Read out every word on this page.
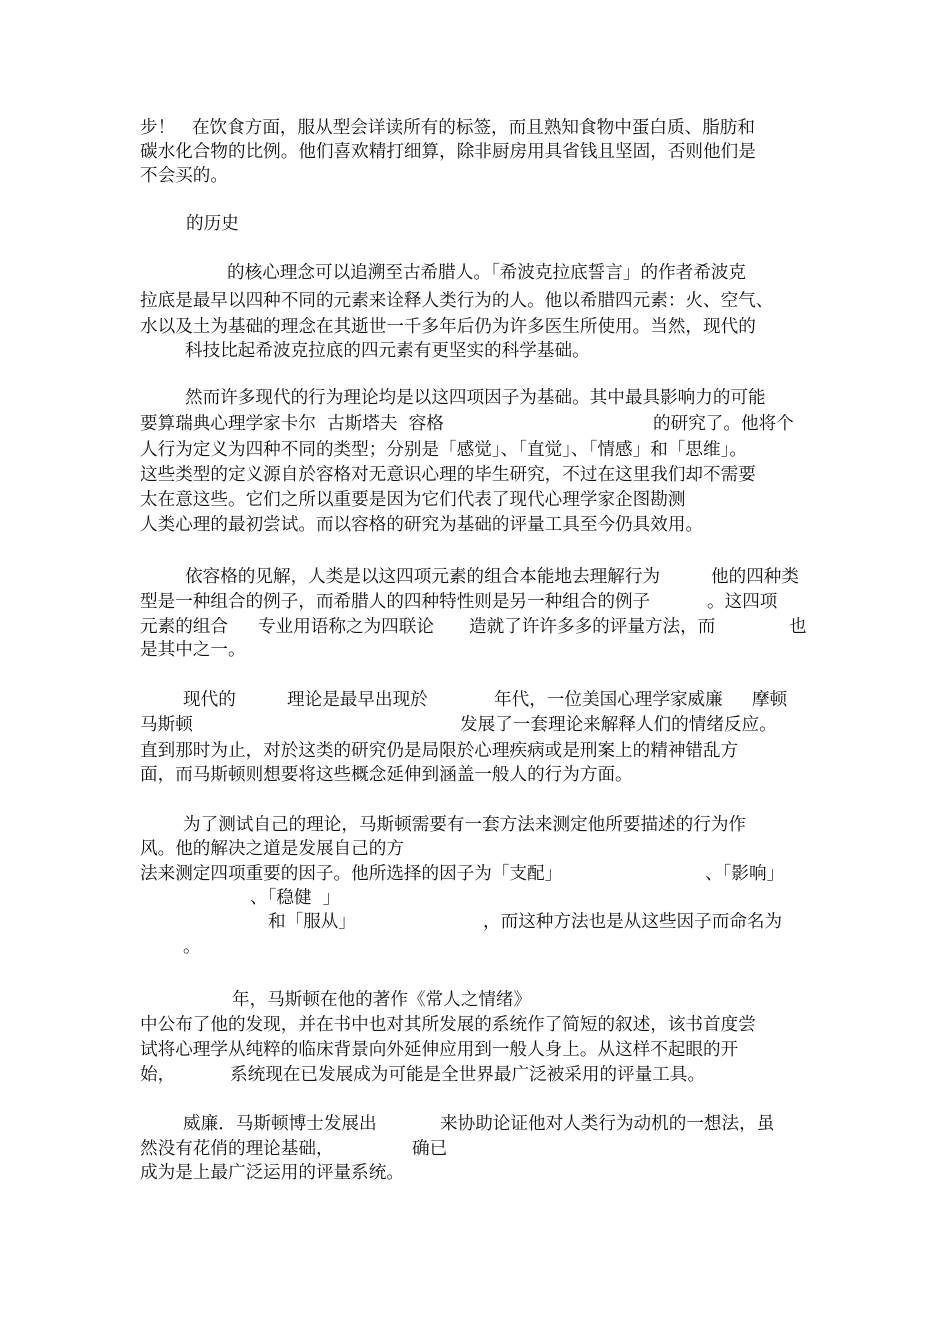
步！   在饮食方面，服从型会详读所有的标签，而且熟知食物中蛋白质、脂肪和
碳水化合物的比例。他们喜欢精打细算，除非厨房用具省钱且坚固，否则他们是
不会买的。
的历史
的核心理念可以追溯至古希腊人。「希波克拉底誓言」的作者希波克
拉底是最早以四种不同的元素来诠释人类行为的人。他以希腊四元素：火、空气、
水以及土为基础的理念在其逝世一千多年后仍为许多医生所使用。当然，现代的
科技比起希波克拉底的四元素有更坚实的科学基础。
然而许多现代的行为理论均是以这四项因子为基础。其中最具影响力的可能
要算瑞典心理学家卡尔  古斯塔夫  容格	的研究了。他将个
人行为定义为四种不同的类型；分别是「感觉」、「直觉」、「情感」和「思维」。
这些类型的定义源自於容格对无意识心理的毕生研究，不过在这里我们却不需要
太在意这些。它们之所以重要是因为它们代表了现代心理学家企图勘测
人类心理的最初尝试。而以容格的研究为基础的评量工具至今仍具效用。
依容格的见解，人类是以这四项元素的组合本能地去理解行为	他的四种类
型是一种组合的例子，而希腊人的四种特性则是另一种组合的例子	。这四项
元素的组合 专业用语称之为四联论 造就了许许多多的评量方法，而	也
是其中之一。
现代的	理论是最早出现於	年代，一位美国心理学家威廉 摩顿
马斯顿	发展了一套理论来解释人们的情绪反应。
直到那时为止，对於这类的研究仍是局限於心理疾病或是刑案上的精神错乱方
面，而马斯顿则想要将这些概念延伸到涵盖一般人的行为方面。
为了测试自己的理论，马斯顿需要有一套方法来测定他所要描述的行为作
风。他的解决之道是发展自己的方
法来测定四项重要的因子。他所选择的因子为「支配」	、「影响」
、「稳健  」
和「服从」	，而这种方法也是从这些因子而命名为
。
年，马斯顿在他的著作《常人之情绪》
中公布了他的发现，并在书中也对其所发展的系统作了简短的叙述，该书首度尝
试将心理学从纯粹的临床背景向外延伸应用到一般人身上。从这样不起眼的开
始，	系统现在已发展成为可能是全世界最广泛被采用的评量工具。
威廉．马斯顿博士发展出	来协助论证他对人类行为动机的一想法，虽
然没有花俏的理论基础，	确已
成为是上最广泛运用的评量系统。
